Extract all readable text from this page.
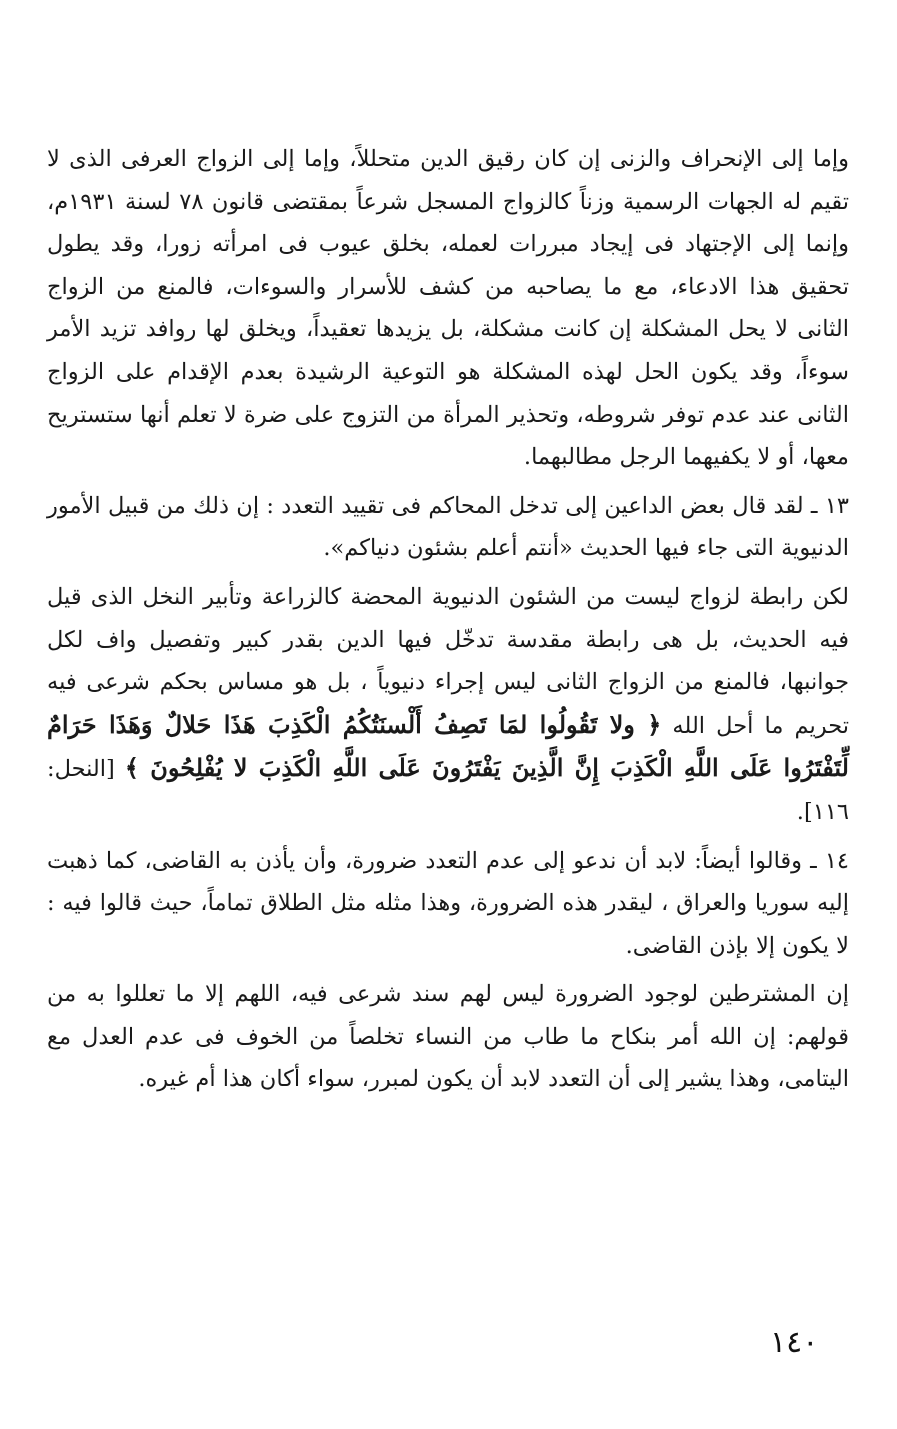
وإما إلى الإنحراف والزنى إن كان رقيق الدين متحللاً، وإما إلى الزواج العرفى الذى لا تقيم له الجهات الرسمية وزناً كالزواج المسجل شرعاً بمقتضى قانون ٧٨ لسنة ١٩٣١م، وإنما إلى الإجتهاد فى إيجاد مبررات لعمله، بخلق عيوب فى امرأته زورا، وقد يطول تحقيق هذا الادعاء، مع ما يصاحبه من كشف للأسرار والسوءات، فالمنع من الزواج الثانى لا يحل المشكلة إن كانت مشكلة، بل يزيدها تعقيداً، ويخلق لها روافد تزيد الأمر سوءاً، وقد يكون الحل لهذه المشكلة هو التوعية الرشيدة بعدم الإقدام على الزواج الثانى عند عدم توفر شروطه، وتحذير المرأة من التزوج على ضرة لا تعلم أنها ستستريح معها، أو لا يكفيهما الرجل مطالبهما.

١٣ ـ لقد قال بعض الداعين إلى تدخل المحاكم فى تقييد التعدد : إن ذلك من قبيل الأمور الدنيوية التى جاء فيها الحديث «أنتم أعلم بشئون دنياكم».

لكن رابطة لزواج ليست من الشئون الدنيوية المحضة كالزراعة وتأبير النخل الذى قيل فيه الحديث، بل هى رابطة مقدسة تدخّل فيها الدين بقدر كبير وتفصيل واف لكل جوانبها، فالمنع من الزواج الثانى ليس إجراء دنيوياً ، بل هو مساس بحكم شرعى فيه تحريم ما أحل الله ﴿ ولا تَقُولُوا لمَا تَصِفُ أَلْسنَتُكُمُ الْكَذِبَ هَذَا حَلالٌ وَهَذَا حَرَامٌ لِّتَفْتَرُوا عَلَى اللَّهِ الْكَذِبَ إِنَّ الَّذِينَ يَفْتَرُونَ عَلَى اللَّهِ الْكَذِبَ لا يُفْلِحُونَ ﴾ [النحل: ١١٦].

١٤ ـ وقالوا أيضاً: لابد أن ندعو إلى عدم التعدد ضرورة، وأن يأذن به القاضى، كما ذهبت إليه سوريا والعراق ، ليقدر هذه الضرورة، وهذا مثله مثل الطلاق تماماً، حيث قالوا فيه : لا يكون إلا بإذن القاضى.

إن المشترطين لوجود الضرورة ليس لهم سند شرعى فيه، اللهم إلا ما تعللوا به من قولهم: إن الله أمر بنكاح ما طاب من النساء تخلصاً من الخوف فى عدم العدل مع اليتامى، وهذا يشير إلى أن التعدد لابد أن يكون لمبرر، سواء أكان هذا أم غيره.

١٤٠
